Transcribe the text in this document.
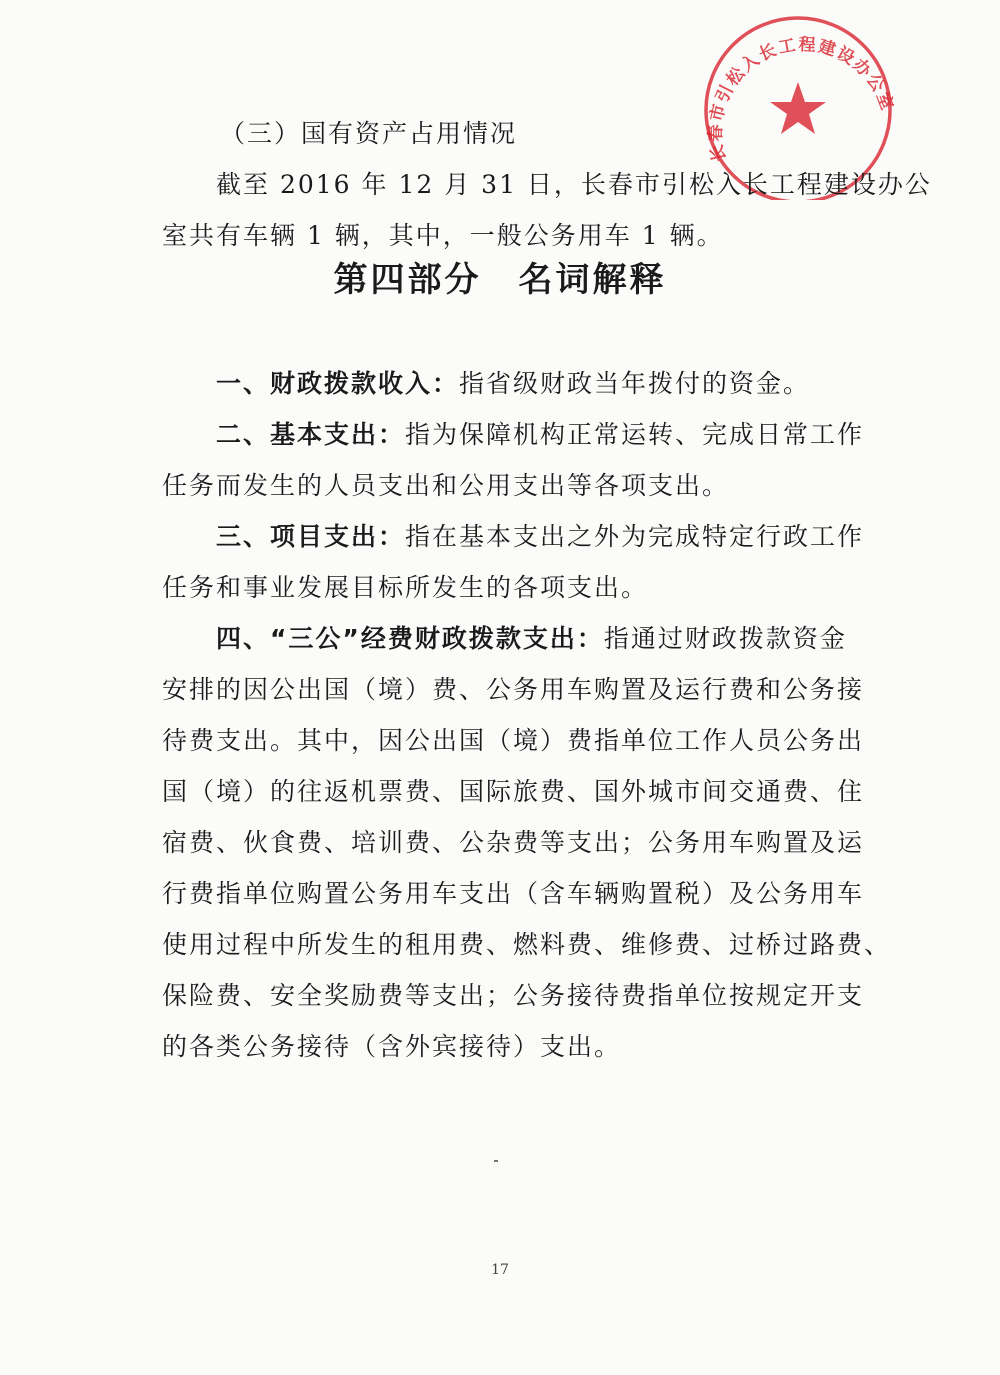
长春市引松入长工程建设办公室
（三）国有资产占用情况
截至 2016 年 12 月 31 日，长春市引松入长工程建设办公
室共有车辆 1 辆，其中，一般公务用车 1 辆。
第四部分　名词解释
一、财政拨款收入：指省级财政当年拨付的资金。
二、基本支出：指为保障机构正常运转、完成日常工作
任务而发生的人员支出和公用支出等各项支出。
三、项目支出：指在基本支出之外为完成特定行政工作
任务和事业发展目标所发生的各项支出。
四、“三公”经费财政拨款支出：指通过财政拨款资金
安排的因公出国（境）费、公务用车购置及运行费和公务接
待费支出。其中，因公出国（境）费指单位工作人员公务出
国（境）的往返机票费、国际旅费、国外城市间交通费、住
宿费、伙食费、培训费、公杂费等支出；公务用车购置及运
行费指单位购置公务用车支出（含车辆购置税）及公务用车
使用过程中所发生的租用费、燃料费、维修费、过桥过路费、
保险费、安全奖励费等支出；公务接待费指单位按规定开支
的各类公务接待（含外宾接待）支出。
17
